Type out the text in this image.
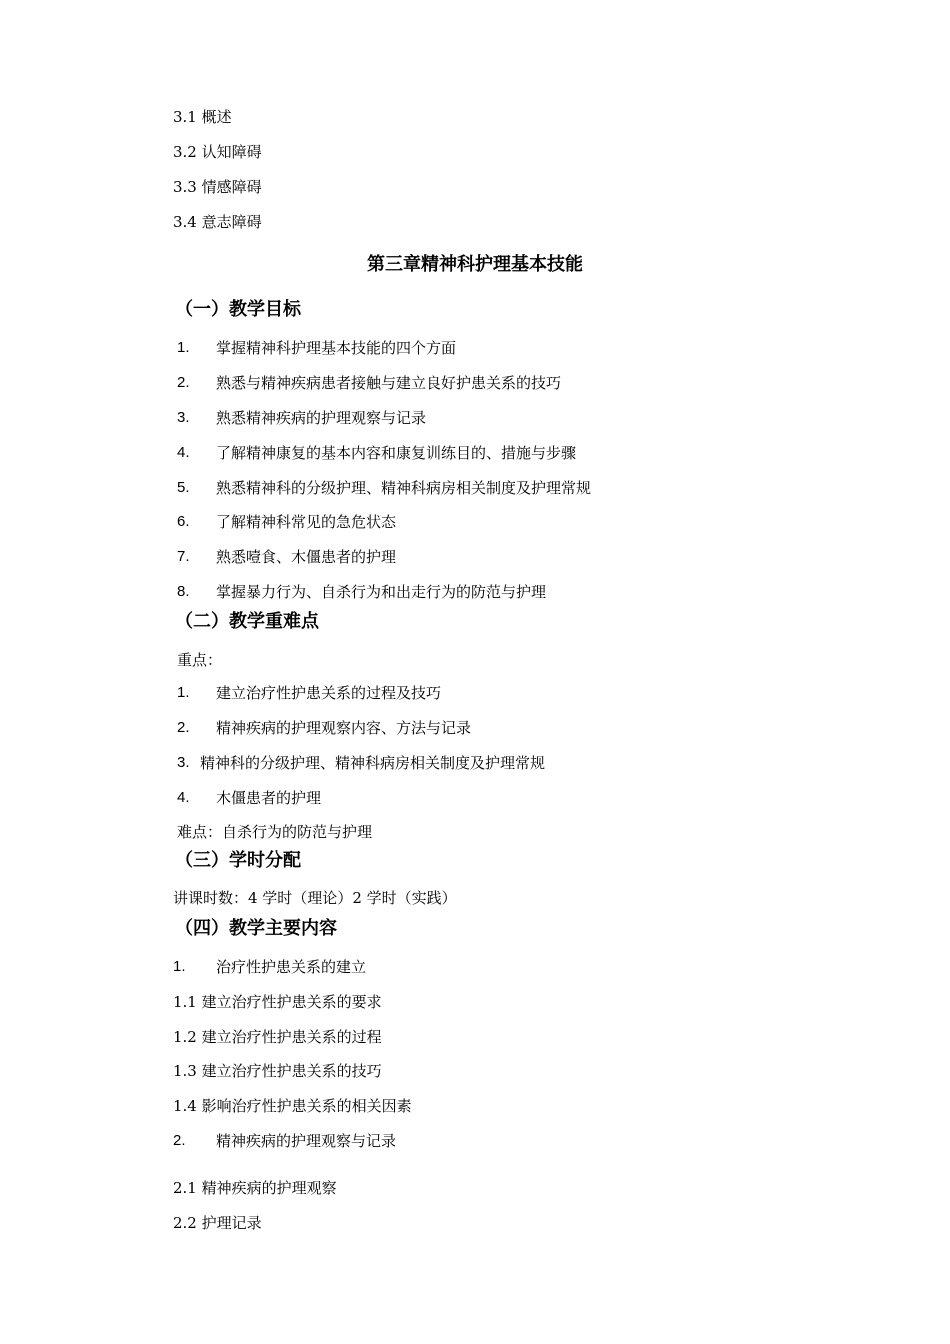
3.1 概述
3.2 认知障碍
3.3 情感障碍
3.4 意志障碍
第三章精神科护理基本技能
（一）教学目标
1. 掌握精神科护理基本技能的四个方面
2. 熟悉与精神疾病患者接触与建立良好护患关系的技巧
3. 熟悉精神疾病的护理观察与记录
4. 了解精神康复的基本内容和康复训练目的、措施与步骤
5. 熟悉精神科的分级护理、精神科病房相关制度及护理常规
6. 了解精神科常见的急危状态
7. 熟悉噎食、木僵患者的护理
8. 掌握暴力行为、自杀行为和出走行为的防范与护理
（二）教学重难点
重点：
1. 建立治疗性护患关系的过程及技巧
2. 精神疾病的护理观察内容、方法与记录
3. 精神科的分级护理、精神科病房相关制度及护理常规
4. 木僵患者的护理
难点：自杀行为的防范与护理
（三）学时分配
讲课时数：4 学时（理论）2 学时（实践）
（四）教学主要内容
1. 治疗性护患关系的建立
1.1 建立治疗性护患关系的要求
1.2 建立治疗性护患关系的过程
1.3 建立治疗性护患关系的技巧
1.4 影响治疗性护患关系的相关因素
2. 精神疾病的护理观察与记录
2.1 精神疾病的护理观察
2.2 护理记录
